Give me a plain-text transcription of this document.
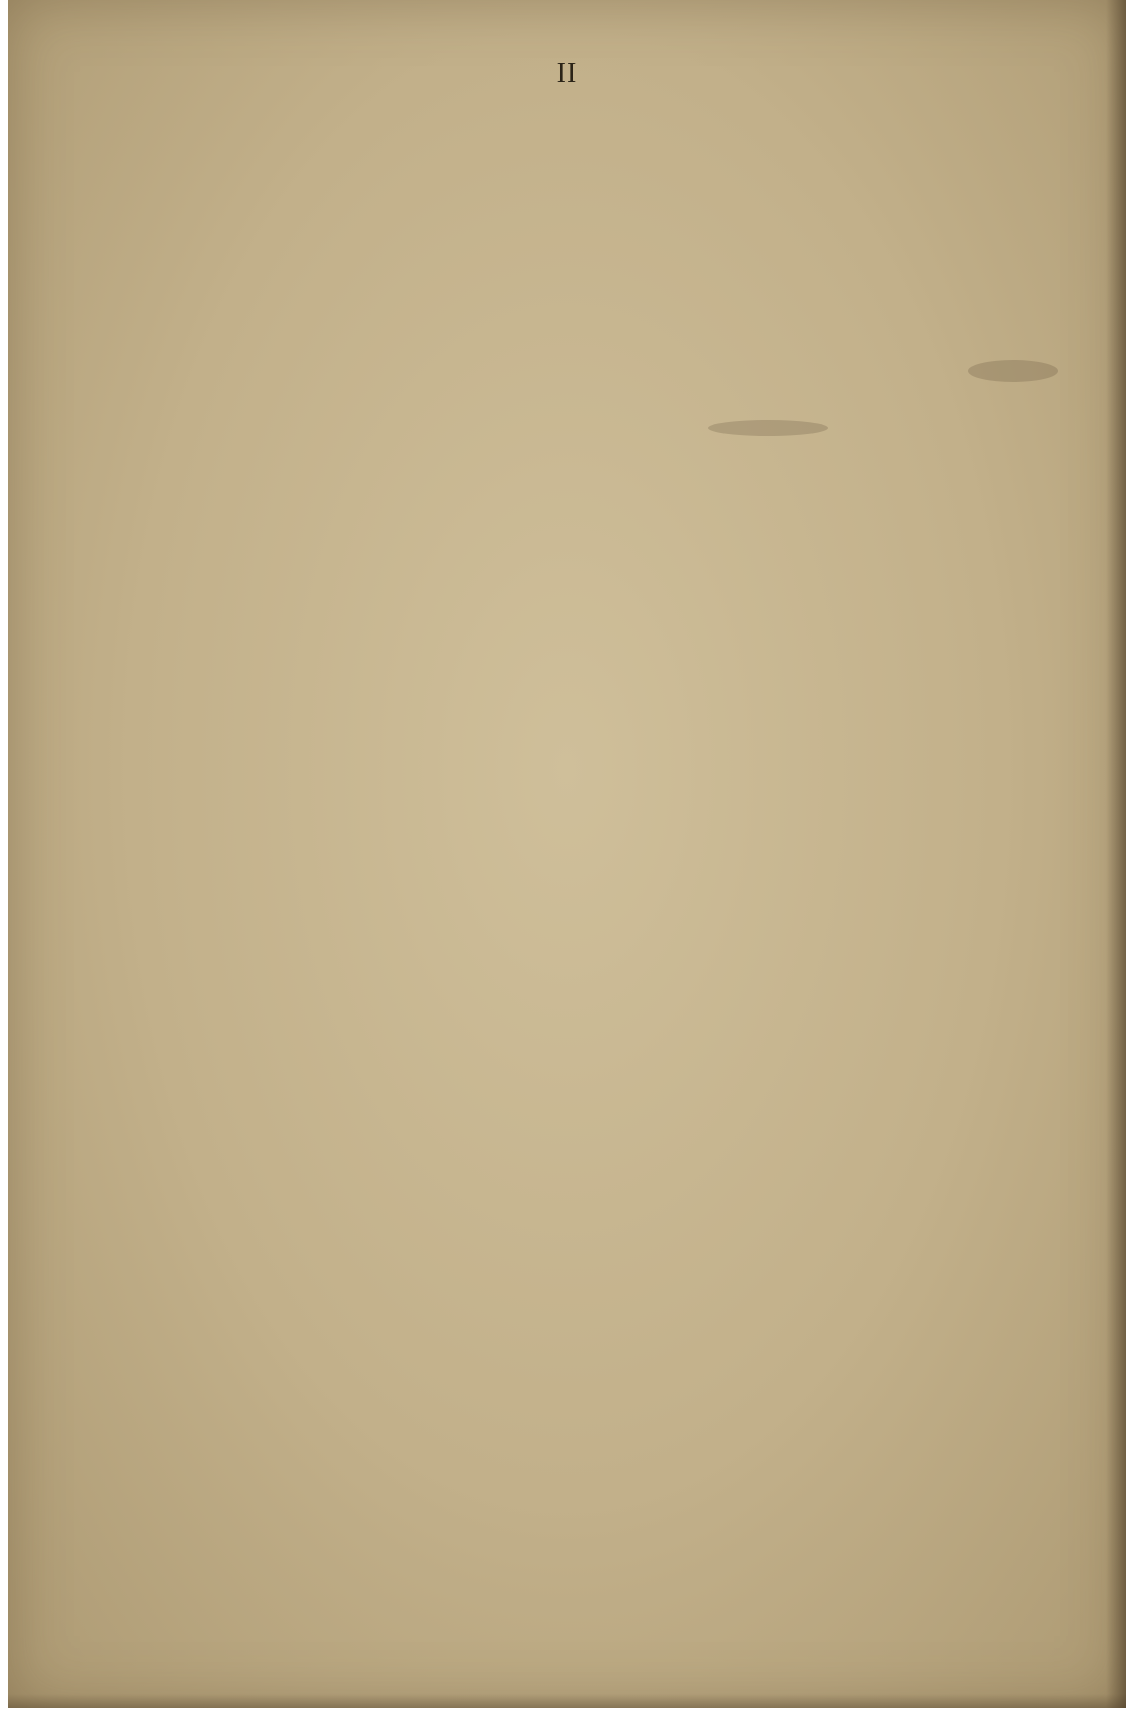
II
